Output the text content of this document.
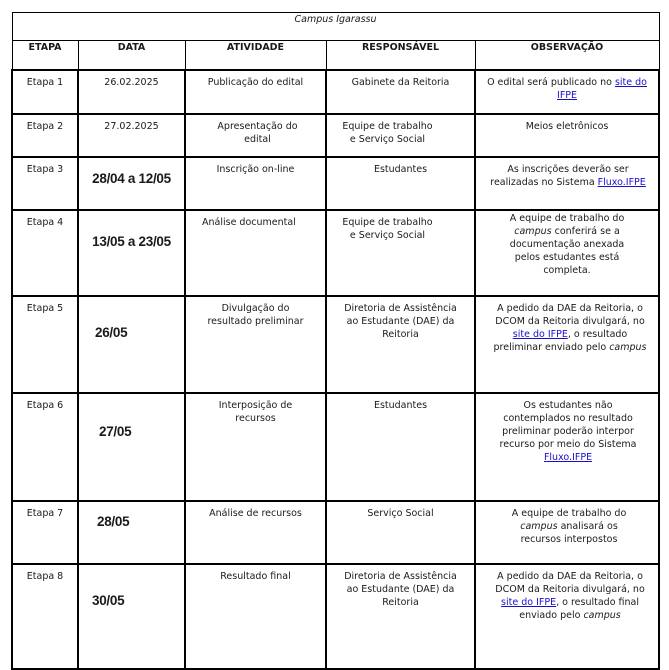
Campus Igarassu				
ETAPA	DATA	ATIVIDADE	RESPONSÁVEL	OBSERVAÇÃO
Etapa 1	26.02.2025	Publicação do edital	Gabinete da Reitoria	O edital será publicado no site do IFPE
Etapa 2	27.02.2025	Apresentação do edital	Equipe de trabalho e Serviço Social	Meios eletrônicos
Etapa 3	28/04 a 12/05	Inscrição on-line	Estudantes	As inscrições deverão ser realizadas no Sistema Fluxo.IFPE
Etapa 4	13/05 a 23/05	Análise documental	Equipe de trabalho e Serviço Social	A equipe de trabalho do campus conferirá se a documentação anexada pelos estudantes está completa.
Etapa 5	26/05	Divulgação do resultado preliminar	Diretoria de Assistência ao Estudante (DAE) da Reitoria	A pedido da DAE da Reitoria, o DCOM da Reitoria divulgará, no site do IFPE, o resultado preliminar enviado pelo campus
Etapa 6	27/05	Interposição de recursos	Estudantes	Os estudantes não contemplados no resultado preliminar poderão interpor recurso por meio do Sistema Fluxo.IFPE
Etapa 7	28/05	Análise de recursos	Serviço Social	A equipe de trabalho do campus analisará os recursos interpostos
Etapa 8	30/05	Resultado final	Diretoria de Assistência ao Estudante (DAE) da Reitoria	A pedido da DAE da Reitoria, o DCOM da Reitoria divulgará, no site do IFPE, o resultado final enviado pelo campus
